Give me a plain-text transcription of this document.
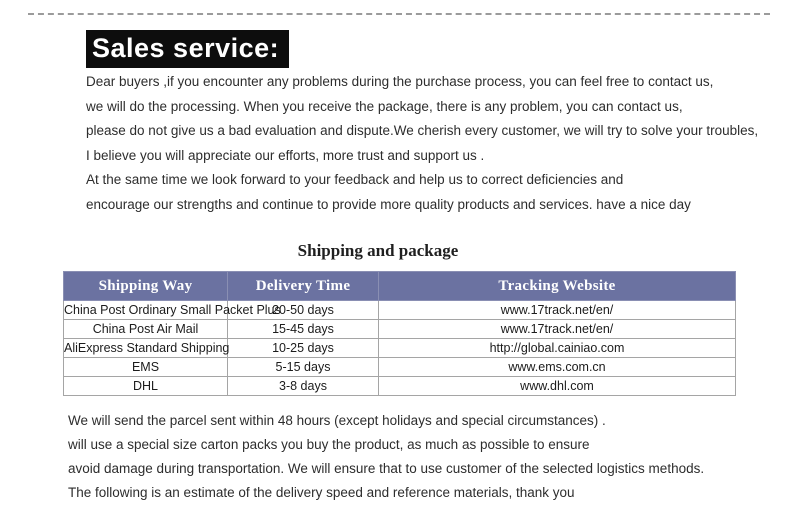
Sales service:

Dear buyers ,if you encounter any problems during the purchase process, you can feel free to contact us,

we will do the processing. When you receive the package, there is any problem, you can contact us,

please do not give us a bad evaluation and dispute.We cherish every customer, we will try to solve your troubles,

I believe you will appreciate our efforts, more trust and support us .

At the same time we look forward to your feedback and help us to correct deficiencies and

encourage our strengths and continue to provide more quality products and services. have a nice day

Shipping and package
Shipping Way	Delivery Time	Tracking Website
China Post Ordinary Small Packet Plus	20-50 days	www.17track.net/en/
China Post Air Mail	15-45 days	www.17track.net/en/
AliExpress Standard Shipping	10-25 days	http://global.cainiao.com
EMS	5-15 days	www.ems.com.cn
DHL	3-8 days	www.dhl.com

We will send the parcel sent within 48 hours (except holidays and special circumstances) .

will use a special size carton packs you buy the product, as much as possible to ensure

avoid damage during transportation. We will ensure that to use customer of the selected logistics methods.

The following is an estimate of the delivery speed and reference materials, thank you
